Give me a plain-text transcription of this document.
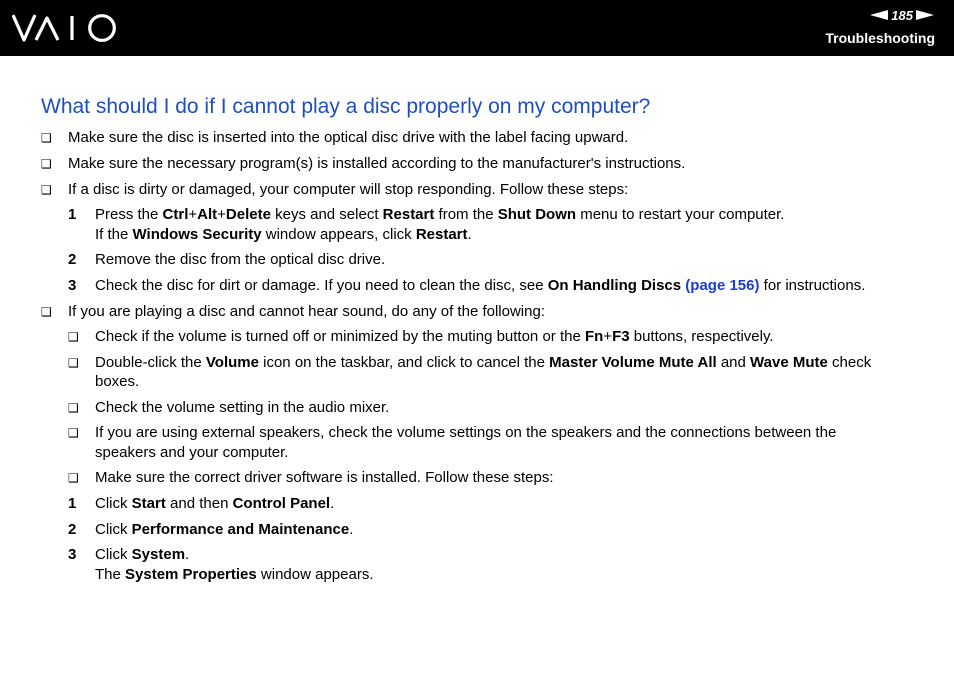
185
Troubleshooting
What should I do if I cannot play a disc properly on my computer?
❑ Make sure the disc is inserted into the optical disc drive with the label facing upward.
❑ Make sure the necessary program(s) is installed according to the manufacturer's instructions.
❑ If a disc is dirty or damaged, your computer will stop responding. Follow these steps:
1 Press the Ctrl+Alt+Delete keys and select Restart from the Shut Down menu to restart your computer.
If the Windows Security window appears, click Restart.
2 Remove the disc from the optical disc drive.
3 Check the disc for dirt or damage. If you need to clean the disc, see On Handling Discs (page 156) for instructions.
❑ If you are playing a disc and cannot hear sound, do any of the following:
❑ Check if the volume is turned off or minimized by the muting button or the Fn+F3 buttons, respectively.
❑ Double-click the Volume icon on the taskbar, and click to cancel the Master Volume Mute All and Wave Mute check
boxes.
❑ Check the volume setting in the audio mixer.
❑ If you are using external speakers, check the volume settings on the speakers and the connections between the
speakers and your computer.
❑ Make sure the correct driver software is installed. Follow these steps:
1 Click Start and then Control Panel.
2 Click Performance and Maintenance.
3 Click System.
The System Properties window appears.
